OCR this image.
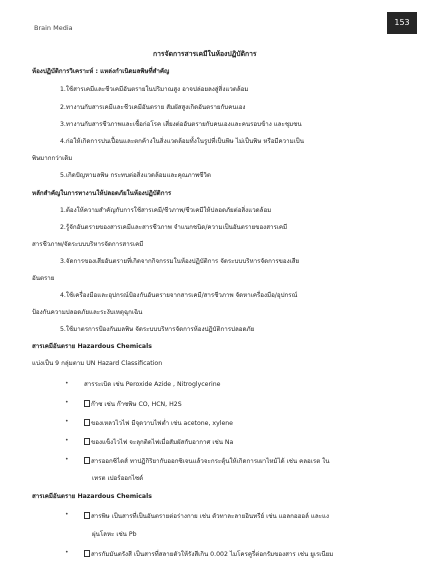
Brain Media
153
การจัดการสารเคมีในห้องปฏิบัติการ
ห้องปฏิบัติการวิเคราะห์ : แหล่งกำเนิดมลพิษที่สำคัญ
1.ใช้สารเคมีและชีวเคมีอันตรายในปริมาณสูง อาจปล่อยลงสู่สิ่งแวดล้อม
2.ทางานกับสารเคมีและชีวเคมีอันตราย สัมผัสสูงเกิดอันตรายกับคนเอง
3.ทางานกับสารชีวภาพและเชื้อก่อโรค เสี่ยงต่ออันตรายกับคนเองและคนรอบข้าง และชุมชน
4.ก่อให้เกิดการปนเปื้อนและตกค้างในสิ่งแวดล้อมทั้งในรูปที่เป็นพิษ ไม่เป็นพิษ หรือมีความเป็น
พิษมากกว่าเดิม
5.เกิดปัญหามลพิษ กระทบต่อสิ่งแวดล้อมและคุณภาพชีวิต
หลักสำคัญในการทางานให้ปลอดภัยในห้องปฏิบัติการ
1.ต้องให้ความสำคัญกับการใช้สารเคมี/ชีวภาพ/ชีวเคมีให้ปลอดภัยต่อสิ่งแวดล้อม
2.รู้จักอันตรายของสารเคมีและสารชีวภาพ จำแนกชนิด/ความเป็นอันตรายของสารเคมี
สารชีวภาพ/จัดระบบบริหารจัดการสารเคมี
3.จัดการของเสียอันตรายที่เกิดจากกิจกรรมในห้องปฏิบัติการ จัดระบบบริหารจัดการของเสีย
อันตราย
4.ใช้เครื่องมือและอุปกรณ์ป้องกันอันตรายจากสารเคมี/สารชีวภาพ จัดหาเครื่องมือ/อุปกรณ์
ป้องกันความปลอดภัยและระงับเหตุฉุกเฉิน
5.ใช้มาตรการป้องกันมลพิษ จัดระบบบริหารจัดการห้องปฏิบัติการปลอดภัย
สารเคมีอันตราย Hazardous Chemicals
แบ่งเป็น 9 กลุ่มตาม UN Hazard Classification
• สารระเบิด เช่น Peroxide Azide , Nitroglycerine
•	ก๊าซ เช่น ก๊าซพิษ CO, HCN, H2S
•	ของเหลวไวไฟ มีจุดวาบไฟต่ำ เช่น acetone, xylene
•	ของแข็งไวไฟ จะลุกติดไฟเมื่อสัมผัสกับอากาศ เช่น Na
•	สารออกซิไดส์ ทาปฏิกิริยากับออกซิเจนแล้วจะกระตุ้นให้เกิดการเผาไหม้ได้ เช่น คลอเรต ใน
เทรต เปอร์ออกไซด์
สารเคมีอันตราย Hazardous Chemicals
•	สารพิษ เป็นสารที่เป็นอันตรายต่อร่างกาย เช่น ตัวทาละลายอินทรีย์ เช่น แอลกอฮอล์ และแง
ผุ่นโลหะ เช่น Pb
•	สารกัมมันตรังสี เป็นสารที่สลายตัวให้รังสีเกิน 0.002 ไมโครคูรี่ต่อกรัมของสาร เช่น ยูเรเนียม
